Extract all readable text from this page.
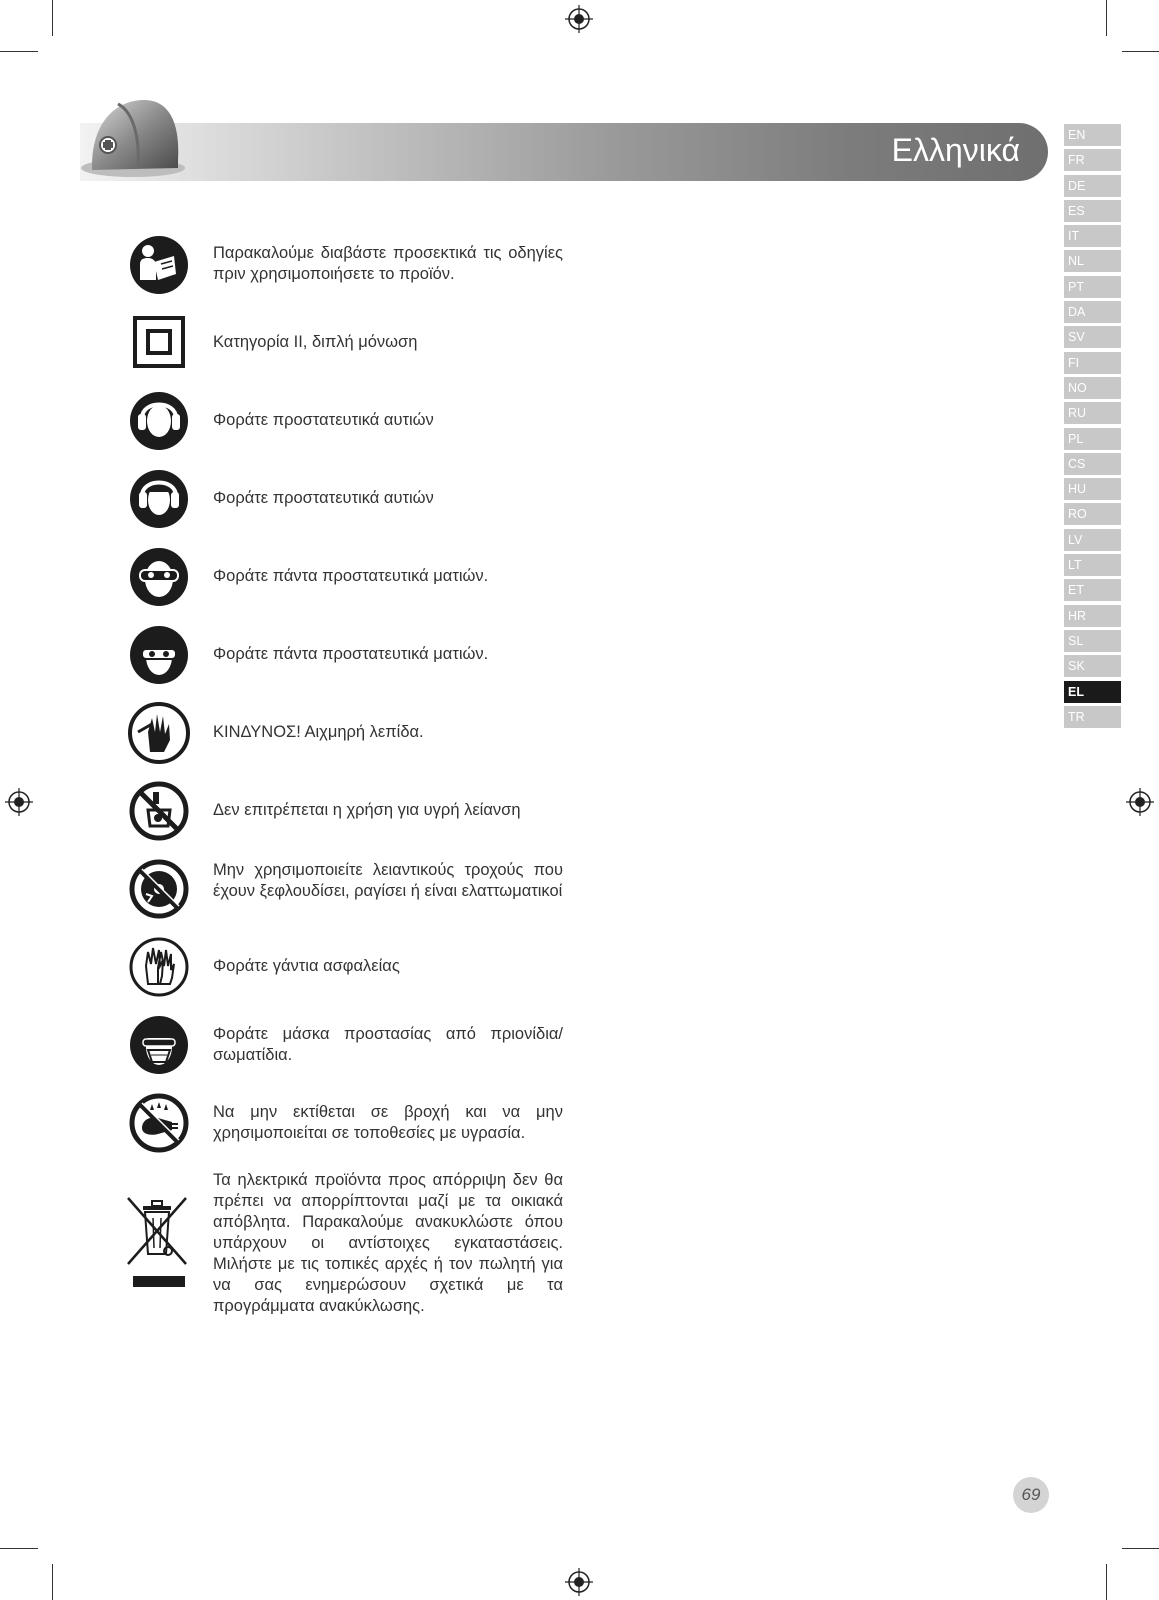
Ελληνικά	EN
FR
DE
ES
IT
NL
PT
DA
SV
FI
NO
RU
PL
CS
HU
RO
LV
LT
ET
HR
SL
SK
EL
TR
Παρακαλούμε διαβάστε προσεκτικά τις οδηγίες πριν χρησιμοποιήσετε το προϊόν.
Κατηγορία II, διπλή μόνωση
Φοράτε προστατευτικά αυτιών
Φοράτε προστατευτικά αυτιών
Φοράτε πάντα προστατευτικά ματιών.
Φοράτε πάντα προστατευτικά ματιών.
ΚΙΝΔΥΝΟΣ! Αιχμηρή λεπίδα.
Δεν επιτρέπεται η χρήση για υγρή λείανση
Μην χρησιμοποιείτε λειαντικούς τροχούς που έχουν ξεφλουδίσει, ραγίσει ή είναι ελαττωματικοί
Φοράτε γάντια ασφαλείας
Φοράτε μάσκα προστασίας από πριονίδια/ σωματίδια.
Να μην εκτίθεται σε βροχή και να μην χρησιμοποιείται σε τοποθεσίες με υγρασία.
Τα ηλεκτρικά προϊόντα προς απόρριψη δεν θα πρέπει να απορρίπτονται μαζί με τα οικιακά απόβλητα. Παρακαλούμε ανακυκλώστε όπου υπάρχουν οι αντίστοιχες εγκαταστάσεις. Μιλήστε με τις τοπικές αρχές ή τον πωλητή για να σας ενημερώσουν σχετικά με τα προγράμματα ανακύκλωσης.
69
